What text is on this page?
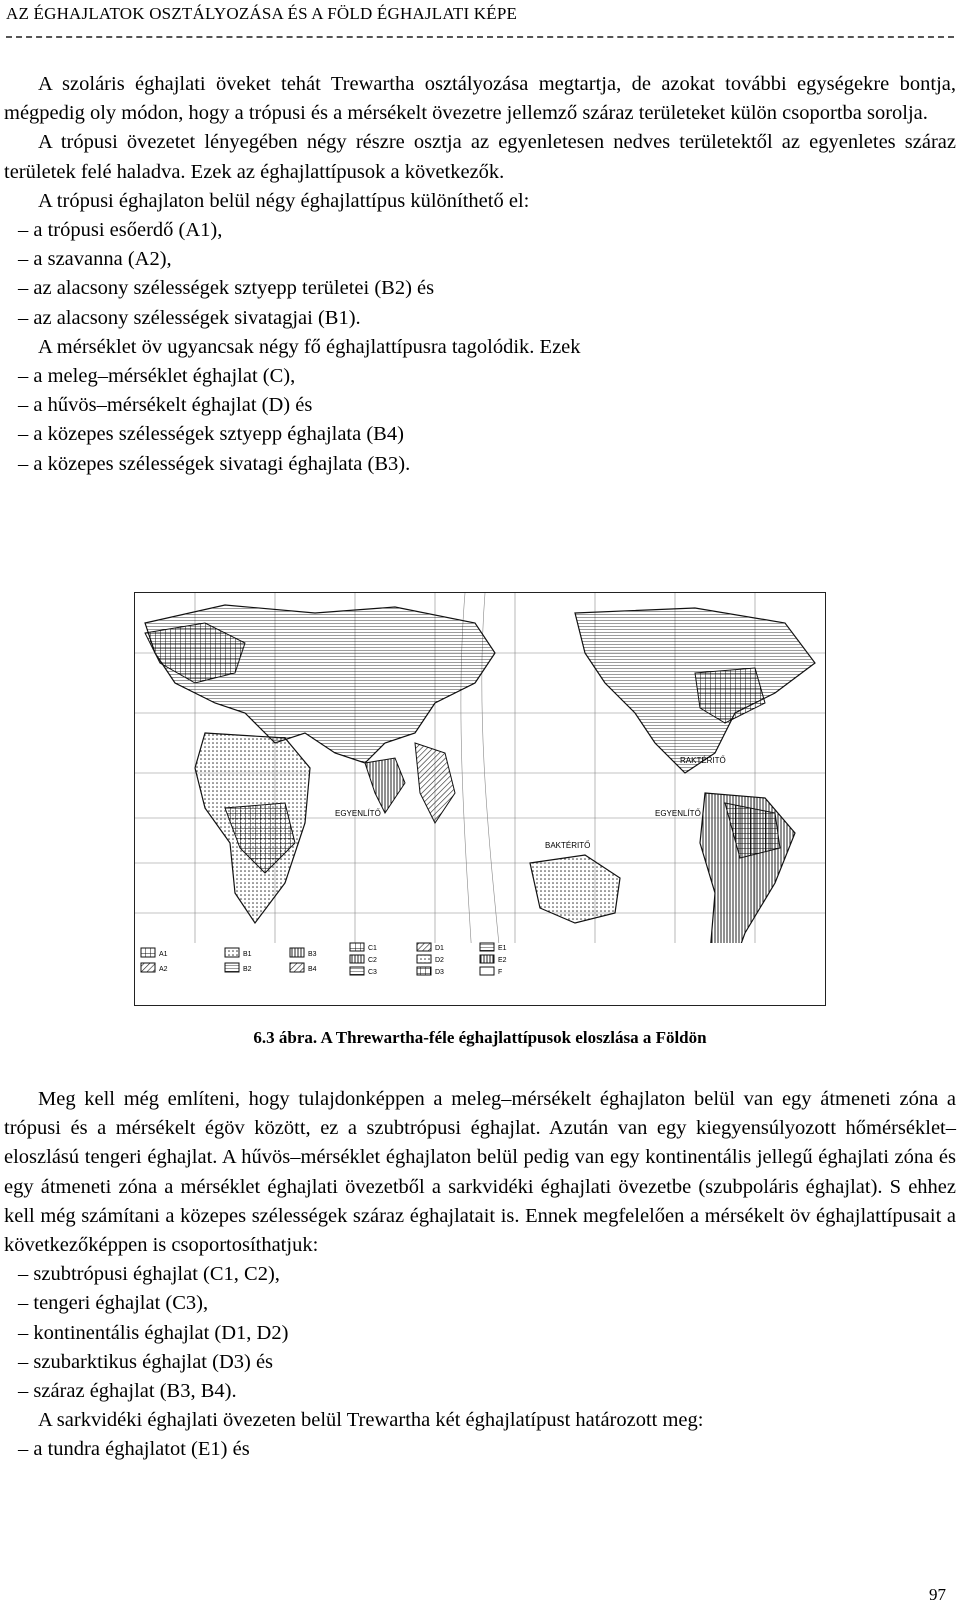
AZ ÉGHAJLATOK OSZTÁLYOZÁSA ÉS A FÖLD ÉGHAJLATI KÉPE

A szoláris éghajlati öveket tehát Trewartha osztályozása megtartja, de azokat további egységekre bontja, mégpedig oly módon, hogy a trópusi és a mérsékelt övezetre jellemző száraz területeket külön csoportba sorolja.

A trópusi övezetet lényegében négy részre osztja az egyenletesen nedves területektől az egyenletes száraz területek felé haladva. Ezek az éghajlattípusok a következők.

A trópusi éghajlaton belül négy éghajlattípus különíthető el:

– a trópusi esőerdő (A1),

– a szavanna (A2),

– az alacsony szélességek sztyepp területei (B2) és

– az alacsony szélességek sivatagjai (B1).

A mérséklet öv ugyancsak négy fő éghajlattípusra tagolódik. Ezek

– a meleg–mérséklet éghajlat (C),

– a hűvös–mérsékelt éghajlat (D) és

– a közepes szélességek sztyepp éghajlata (B4)

– a közepes szélességek sivatagi éghajlata (B3).

EGYENLÍTŐ	EGYENLÍTŐ
RAKTÉRITŐ
BAKTÉRITŐ
A1
A2
B1
B2
B3
B4
C1
C2
C3
D1
D2
D3
E1
E2
F
6.3 ábra. A Threwartha-féle éghajlattípusok eloszlása a Földön

Meg kell még említeni, hogy tulajdonképpen a meleg–mérsékelt éghajlaton belül van egy átmeneti zóna a trópusi és a mérsékelt égöv között, ez a szubtrópusi éghajlat. Azután van egy kiegyensúlyozott hőmérséklet–eloszlású tengeri éghajlat. A hűvös–mérséklet éghajlaton belül pedig van egy kontinentális jellegű éghajlati zóna és egy átmeneti zóna a mérséklet éghajlati övezetből a sarkvidéki éghajlati övezetbe (szubpoláris éghajlat). S ehhez kell még számítani a közepes szélességek száraz éghajlatait is. Ennek megfelelően a mérsékelt öv éghajlattípusait a következőképpen is csoportosíthatjuk:

– szubtrópusi éghajlat (C1, C2),

– tengeri éghajlat (C3),

– kontinentális éghajlat (D1, D2)

– szubarktikus éghajlat (D3) és

– száraz éghajlat (B3, B4).

A sarkvidéki éghajlati övezeten belül Trewartha két éghajlatípust határozott meg:

– a tundra éghajlatot (E1) és

97
